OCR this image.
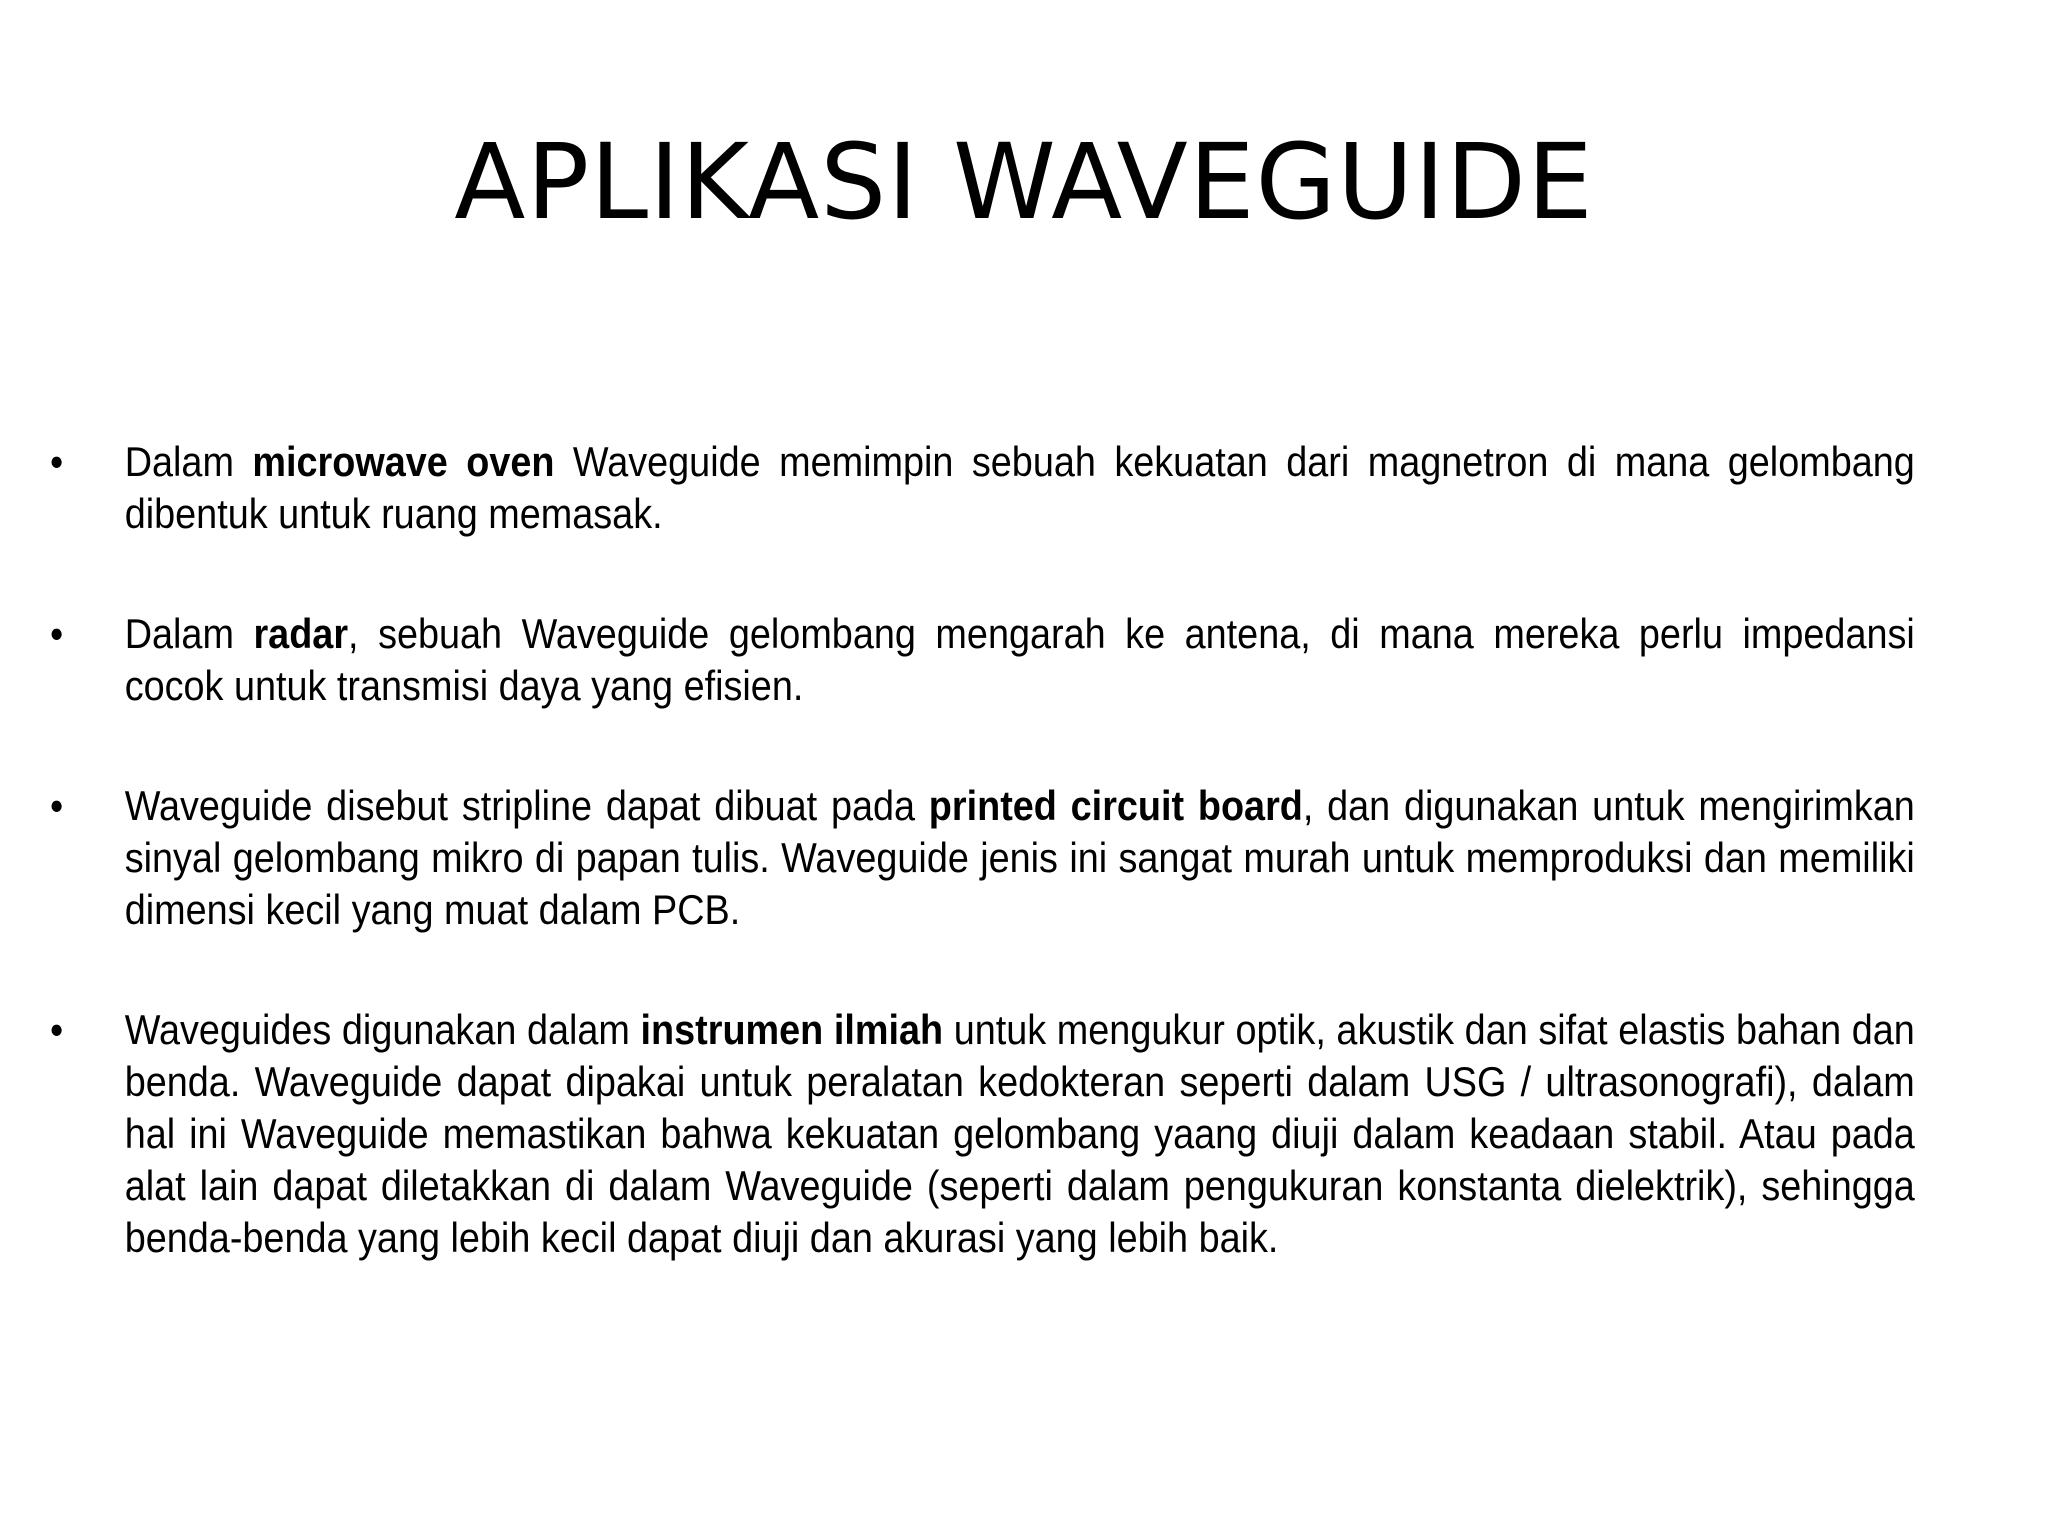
APLIKASI WAVEGUIDE
• Dalam microwave oven Waveguide memimpin sebuah kekuatan dari magnetron di mana gelombang dibentuk untuk ruang memasak.
• Dalam radar, sebuah Waveguide gelombang mengarah ke antena, di mana mereka perlu impedansi cocok untuk transmisi daya yang efisien.
• Waveguide disebut stripline dapat dibuat pada printed circuit board, dan digunakan untuk mengirimkan sinyal gelombang mikro di papan tulis. Waveguide jenis ini sangat murah untuk memproduksi dan memiliki dimensi kecil yang muat dalam PCB.
• Waveguides digunakan dalam instrumen ilmiah untuk mengukur optik, akustik dan sifat elastis bahan dan benda. Waveguide dapat dipakai untuk peralatan kedokteran seperti dalam USG / ultrasonografi), dalam hal ini Waveguide memastikan bahwa kekuatan gelombang yaang diuji dalam keadaan stabil. Atau pada alat lain dapat diletakkan di dalam Waveguide (seperti dalam pengukuran konstanta dielektrik), sehingga benda-benda yang lebih kecil dapat diuji dan akurasi yang lebih baik.
